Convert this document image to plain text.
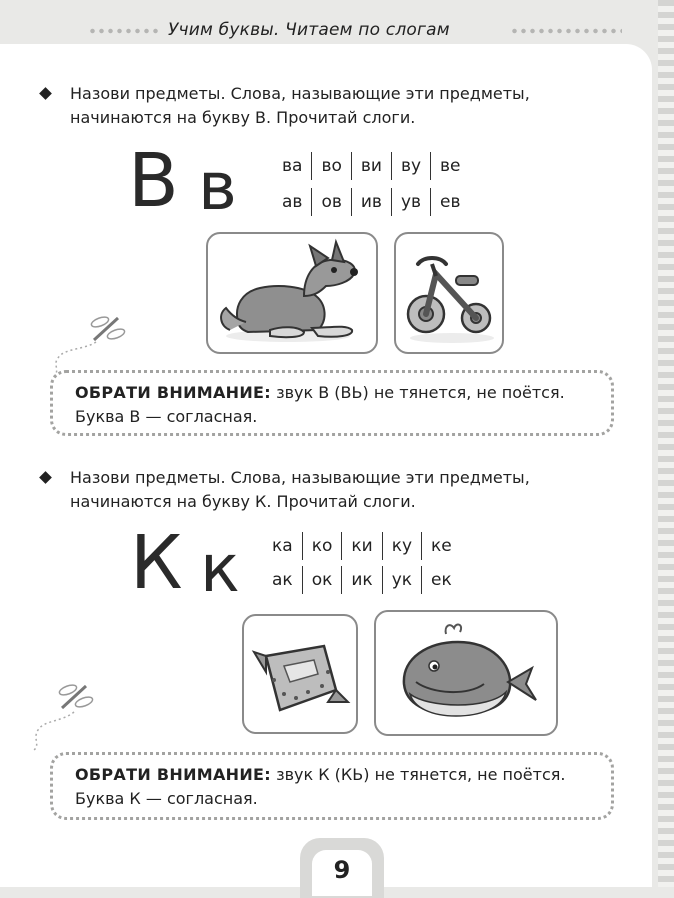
Учим буквы. Читаем по слогам
Назови предметы. Слова, называющие эти предметы, начинаются на букву В. Прочитай слоги.
В в	ва	во	ви	ву	ве
ав	ов	ив	ув	ев
ОБРАТИ ВНИМАНИЕ: звук В (ВЬ) не тянется, не поётся. Буква В — согласная.
Назови предметы. Слова, называющие эти предметы, начинаются на букву К. Прочитай слоги.
К к ка	ко	ки	ку	ке
ак	ок	ик	ук	ек
ОБРАТИ ВНИМАНИЕ: звук К (КЬ) не тянется, не поётся. Буква К — согласная.
9
